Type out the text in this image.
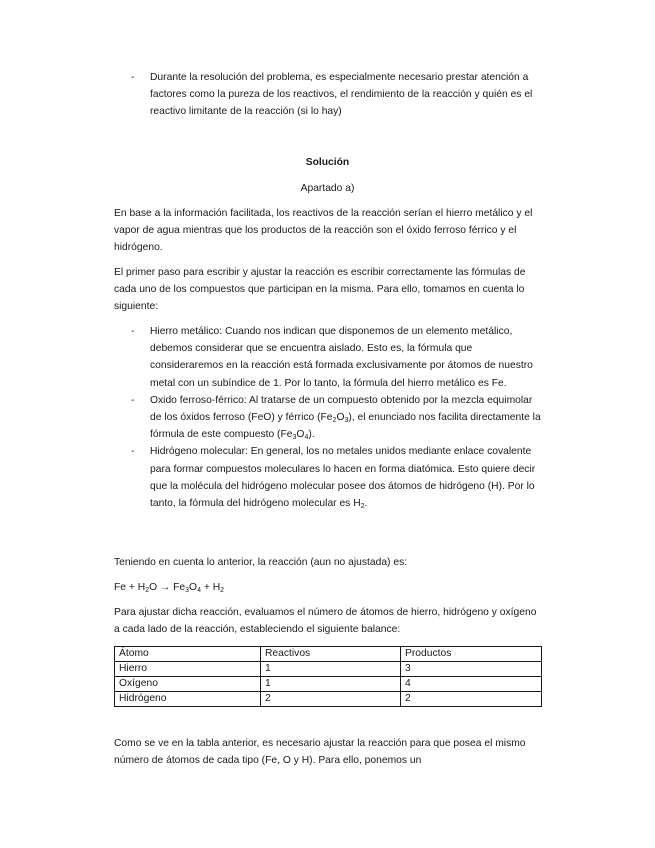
- Durante la resolución del problema, es especialmente necesario prestar atención a factores como la pureza de los reactivos, el rendimiento de la reacción y quién es el reactivo limitante de la reacción (si lo hay)

Solución

Apartado a)

En base a la información facilitada, los reactivos de la reacción serían el hierro metálico y el vapor de agua mientras que los productos de la reacción son el óxido ferroso férrico y el hidrógeno.

El primer paso para escribir y ajustar la reacción es escribir correctamente las fórmulas de cada uno de los compuestos que participan en la misma. Para ello, tomamos en cuenta lo siguiente:

- Hierro metálico: Cuando nos indican que disponemos de un elemento metálico, debemos considerar que se encuentra aislado. Esto es, la fórmula que consideraremos en la reacción está formada exclusivamente por átomos de nuestro metal con un subíndice de 1. Por lo tanto, la fórmula del hierro metálico es Fe.
- Oxido ferroso-férrico: Al tratarse de un compuesto obtenido por la mezcla equimolar de los óxidos ferroso (FeO) y férrico $(Fe_2O_3)$, el enunciado nos facilita directamente la fórmula de este compuesto $(Fe_3O_4)$.
- Hidrógeno molecular: En general, los no metales unidos mediante enlace covalente para formar compuestos moleculares lo hacen en forma diatómica. Esto quiere decir que la molécula del hidrógeno molecular posee dos átomos de hidrógeno (H). Por lo tanto, la fórmula del hidrógeno molecular es $H_2$.

Teniendo en cuenta lo anterior, la reacción (aun no ajustada) es:

$Fe + H_2O \to Fe_3O_4 + H_2$

Para ajustar dicha reacción, evaluamos el número de átomos de hierro, hidrógeno y oxígeno a cada lado de la reacción, estableciendo el siguiente balance:

Átomo	Reactivos	Productos
Hierro	1	3
Oxígeno	1	4
Hidrógeno	2	2

Como se ve en la tabla anterior, es necesario ajustar la reacción para que posea el mismo número de átomos de cada tipo (Fe, O y H). Para ello, ponemos un
